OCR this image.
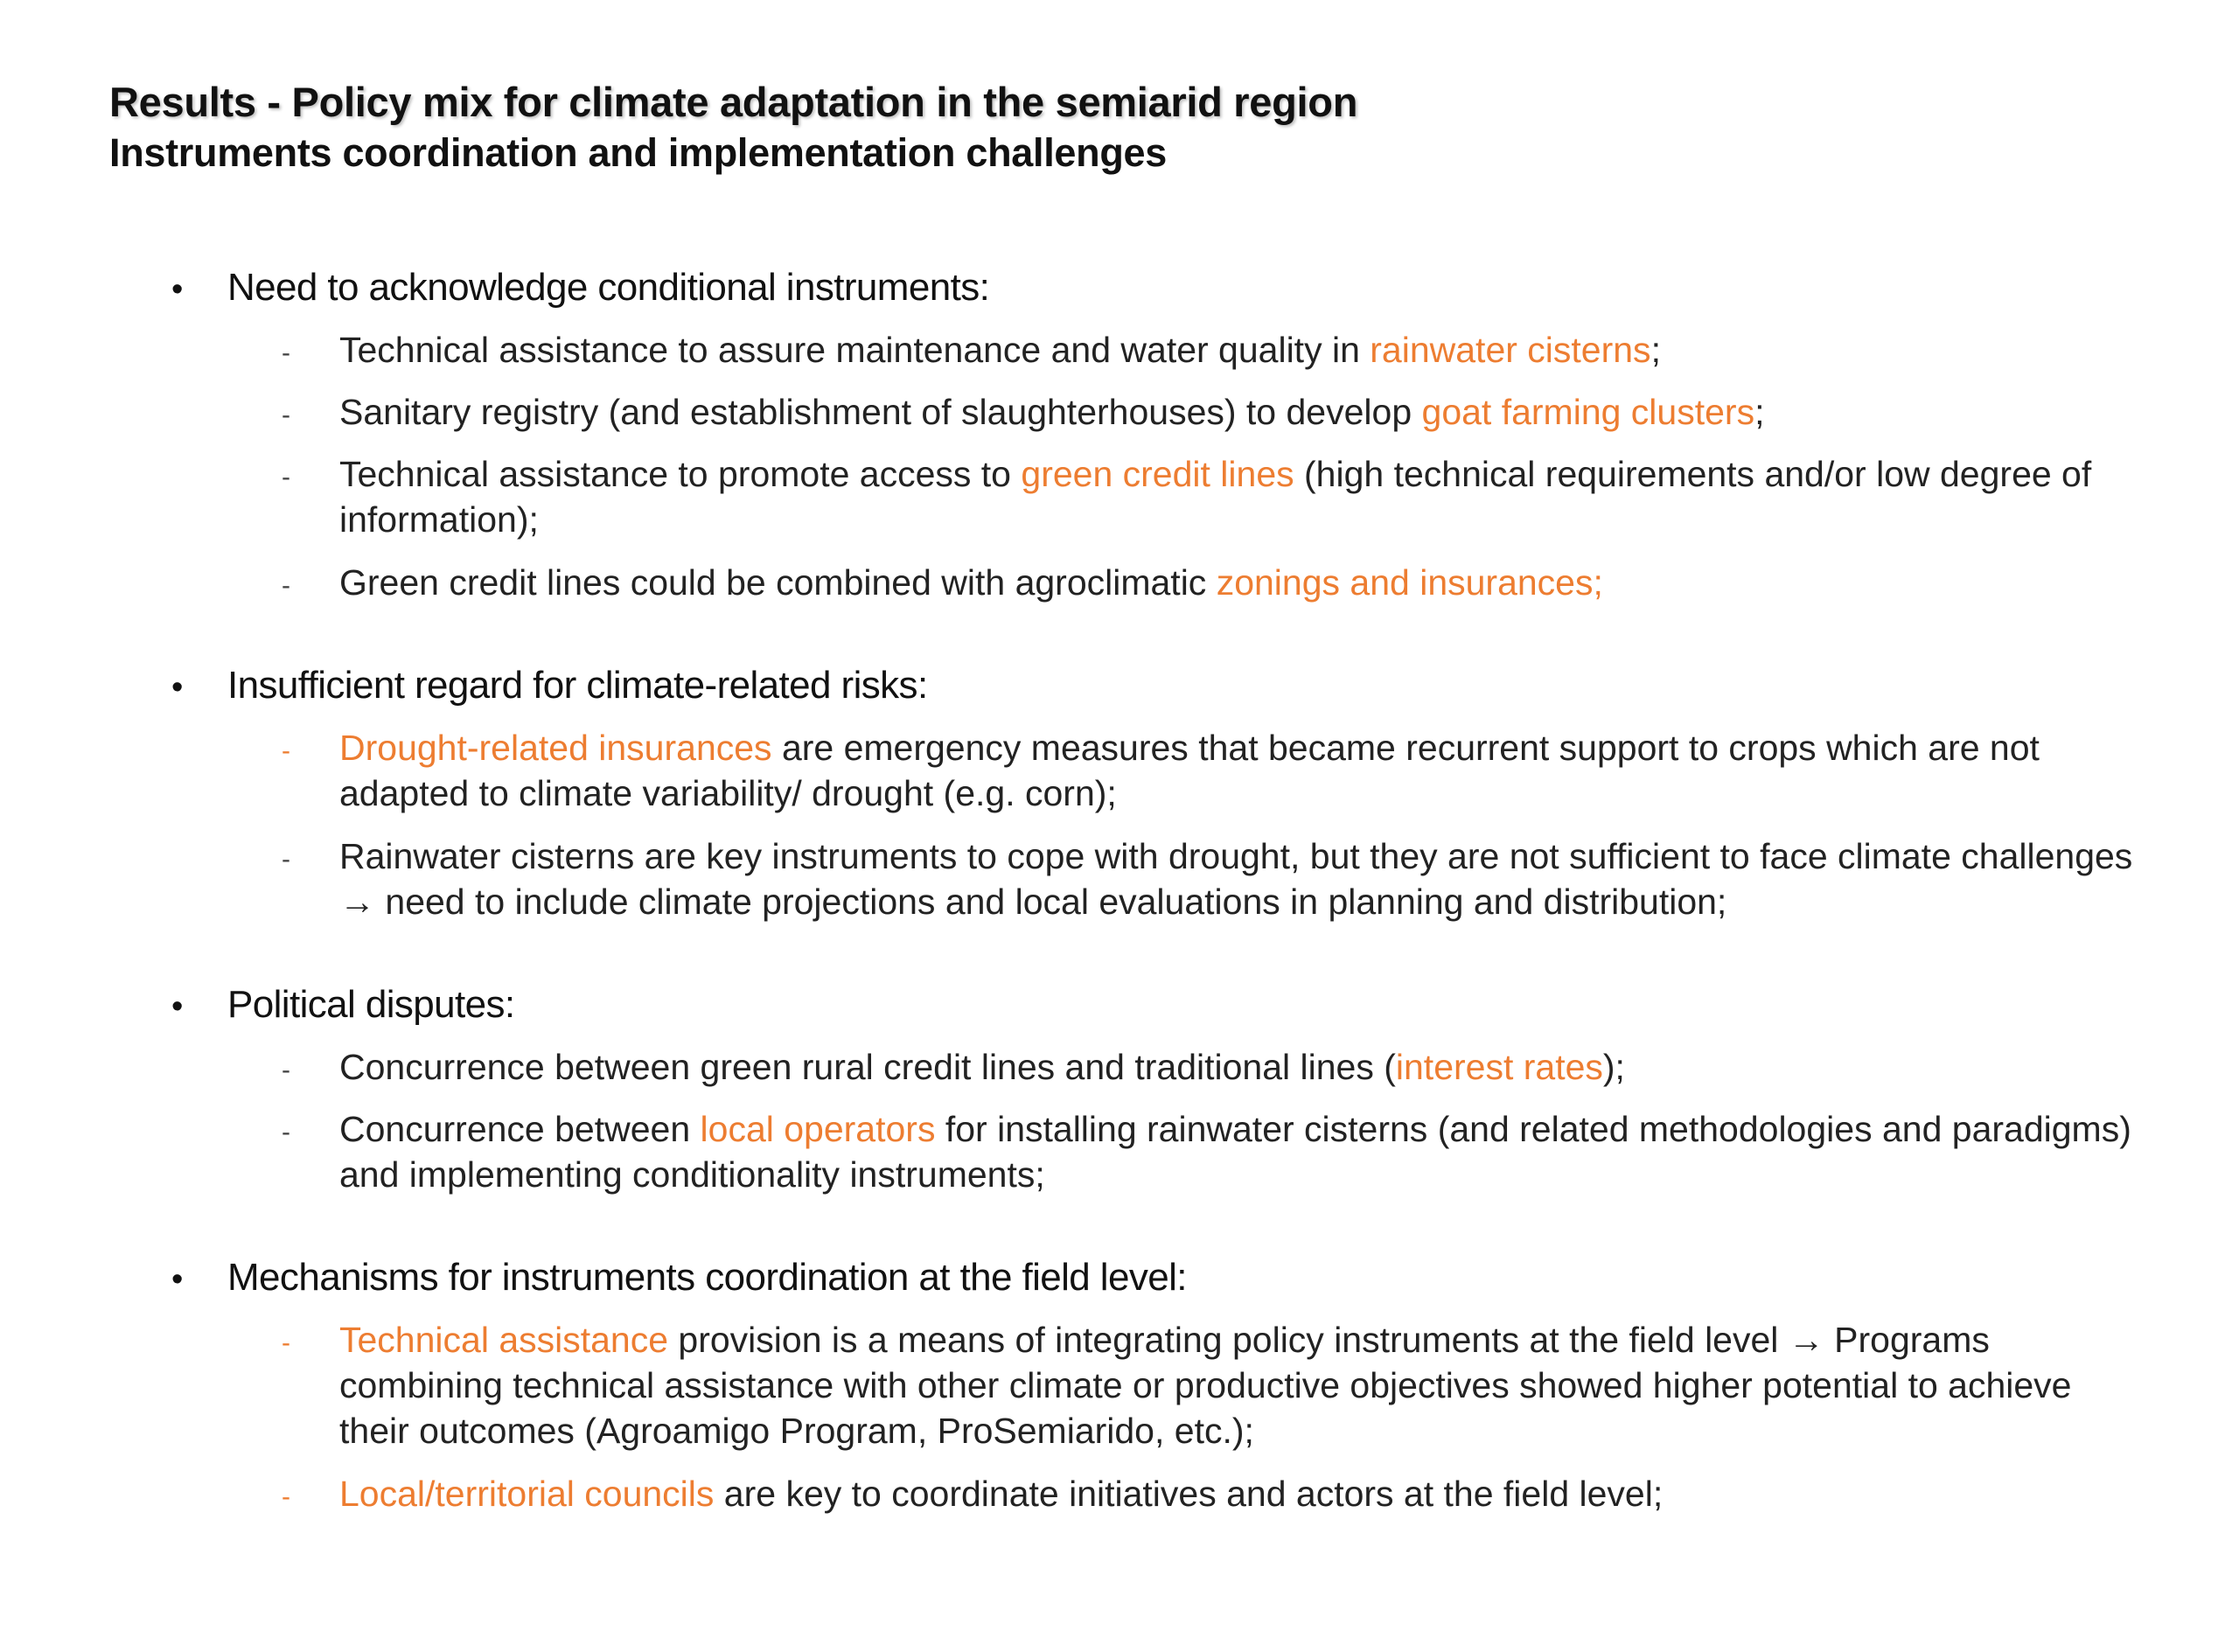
Results - Policy mix for climate adaptation in the semiarid region
Instruments coordination and implementation challenges
• Need to acknowledge conditional instruments:
- Technical assistance to assure maintenance and water quality in rainwater cisterns;
- Sanitary registry (and establishment of slaughterhouses) to develop goat farming clusters;
- Technical assistance to promote access to green credit lines (high technical requirements and/or low degree of information);
- Green credit lines could be combined with agroclimatic zonings and insurances;
• Insufficient regard for climate-related risks:
- Drought-related insurances are emergency measures that became recurrent support to crops which are not adapted to climate variability/ drought (e.g. corn);
- Rainwater cisterns are key instruments to cope with drought, but they are not sufficient to face climate challenges → need to include climate projections and local evaluations in planning and distribution;
• Political disputes:
- Concurrence between green rural credit lines and traditional lines (interest rates);
- Concurrence between local operators for installing rainwater cisterns (and related methodologies and paradigms) and implementing conditionality instruments;
• Mechanisms for instruments coordination at the field level:
- Technical assistance provision is a means of integrating policy instruments at the field level → Programs combining technical assistance with other climate or productive objectives showed higher potential to achieve their outcomes (Agroamigo Program, ProSemiarido, etc.);
- Local/territorial councils are key to coordinate initiatives and actors at the field level;
